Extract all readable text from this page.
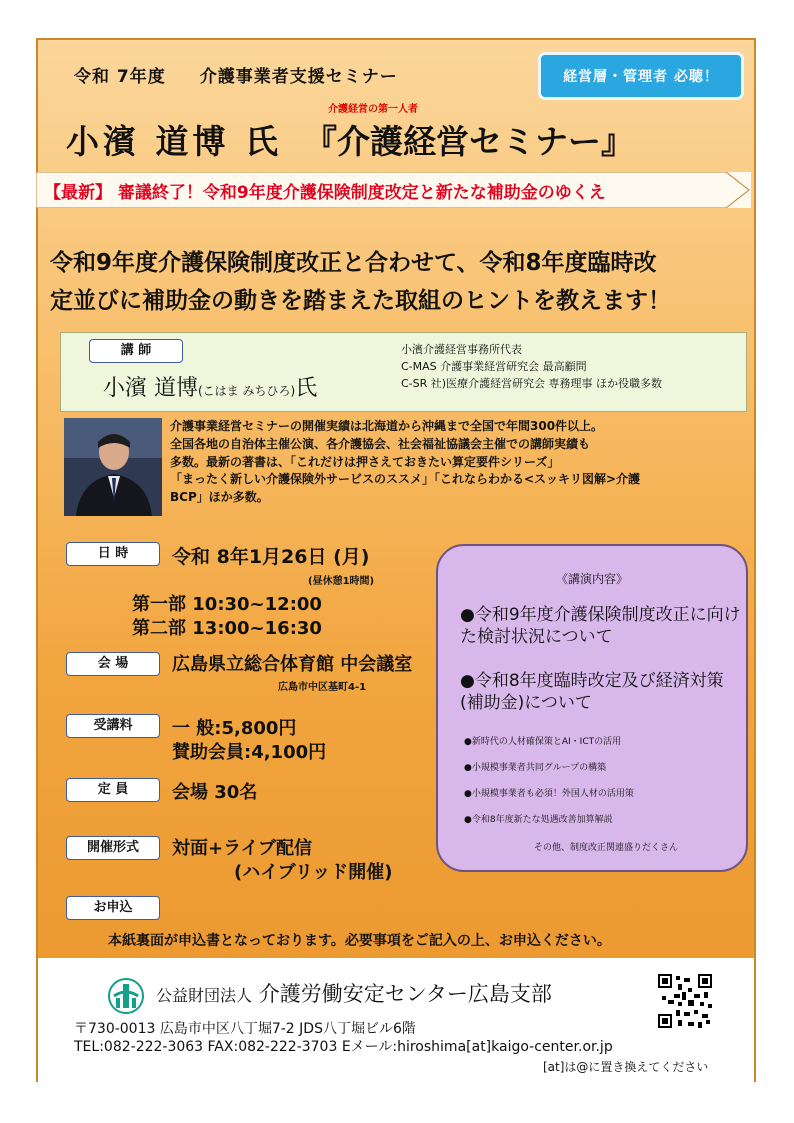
令和 7年度 介護事業者支援セミナー	経営層・管理者 必聴！
介護経営の第一人者
小濱 道博 氏 『介護経営セミナー』
【最新】 審議終了！令和9年度介護保険制度改定と新たな補助金のゆくえ
令和9年度介護保険制度改正と合わせて、令和8年度臨時改
定並びに補助金の動きを踏まえた取組のヒントを教えます！
講 師
小濱 道博(こはま みちひろ)氏
小濱介護経営事務所代表
C-MAS 介護事業経営研究会 最高顧問
C-SR 社)医療介護経営研究会 専務理事 ほか役職多数
介護事業経営セミナーの開催実績は北海道から沖縄まで全国で年間300件以上。
全国各地の自治体主催公演、各介護協会、社会福祉協議会主催での講師実績も
多数。最新の著書は、「これだけは押さえておきたい算定要件シリーズ」
「まったく新しい介護保険外サービスのススメ」「これならわかる<スッキリ図解>介護
BCP」ほか多数。
日 時	令和 8年1月26日 (月)
(昼休憩1時間)
第一部 10:30~12:00
第二部 13:00~16:30
会 場	広島県立総合体育館 中会議室
広島市中区基町4-1
受講料	一 般:5,800円
賛助会員:4,100円
定 員	会場 30名
開催形式	対面+ライブ配信
(ハイブリッド開催)
お申込
《講演内容》
●令和9年度介護保険制度改正に向けた検討状況について
●令和8年度臨時改定及び経済対策(補助金)について
●新時代の人材確保策とAI・ICTの活用
●小規模事業者共同グループの構築
●小規模事業者も必須！外国人材の活用策
●令和8年度新たな処遇改善加算解説
その他、制度改正関連盛りだくさん
本紙裏面が申込書となっております。必要事項をご記入の上、お申込ください。
公益財団法人 介護労働安定センター広島支部
〒730-0013 広島市中区八丁堀7-2 JDS八丁堀ビル6階
TEL:082-222-3063 FAX:082-222-3703 Eメール:hiroshima[at]kaigo-center.or.jp
[at]は@に置き換えてください
